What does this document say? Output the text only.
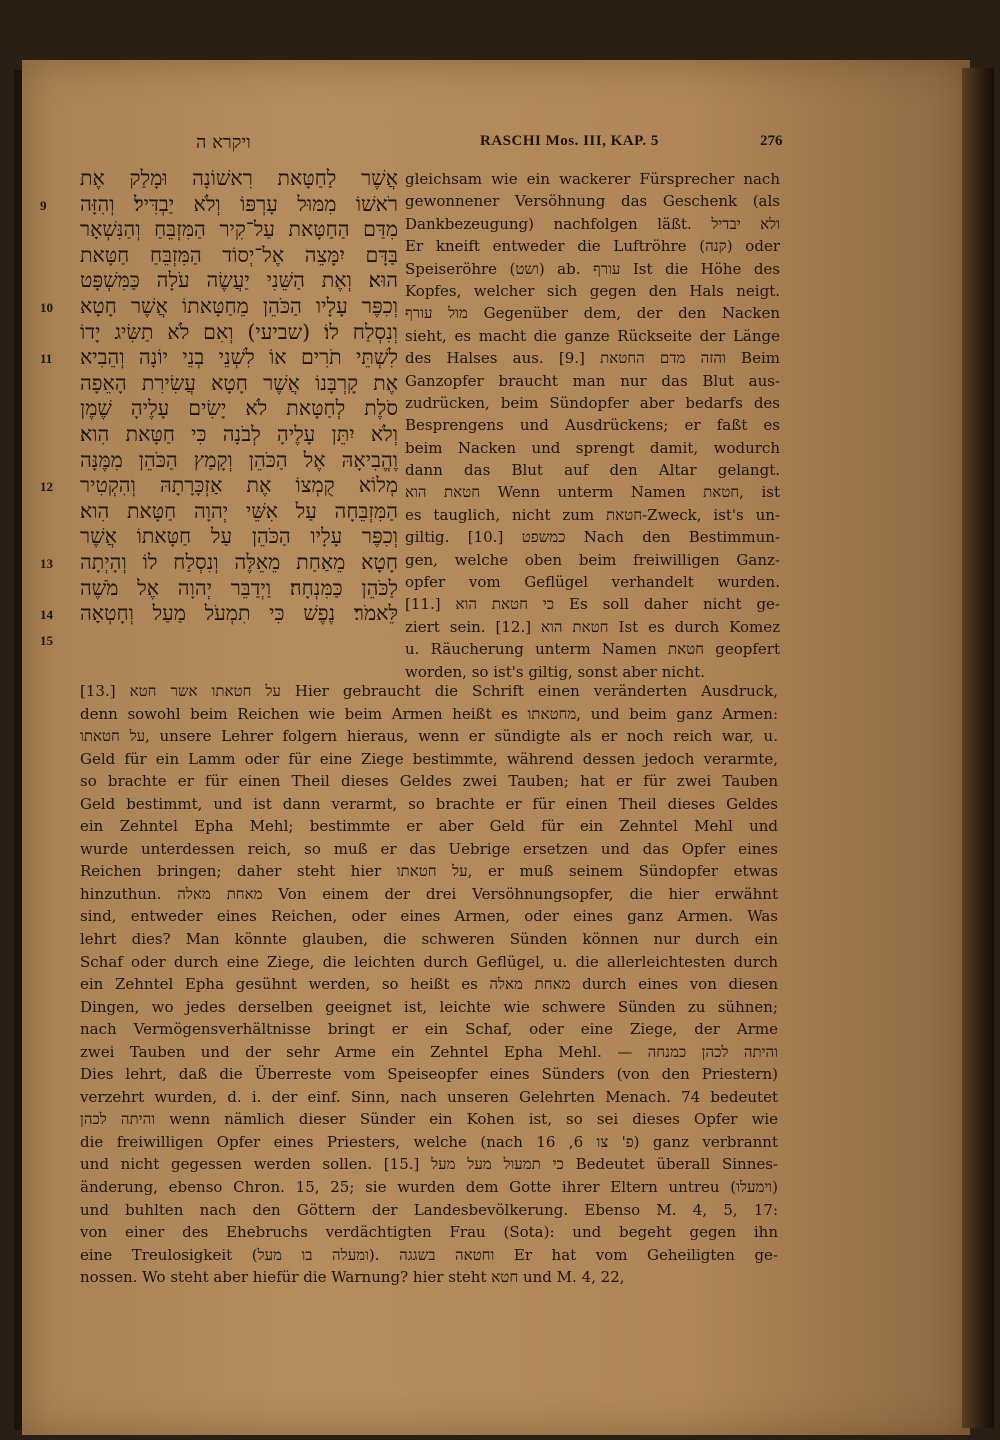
ויקרא ה	RASCHI Mos. III, KAP. 5	276
9
10
11
12
13
14
15
אֲשֶׁר לַחַטָּאת רִאשׁוֹנָה וּמָלַק אֶת
רֹאשׁוֹ מִמּוּל עָרְפּוֹ וְלֹא יַבְדִּיל׃ וְהִזָּה
מִדַּם הַחַטָּאת עַל־קִיר הַמִּזְבֵּחַ וְהַנִּשְׁאָר
בַּדָּם יִמָּצֵה אֶל־יְסוֹד הַמִּזְבֵּחַ חַטָּאת
הוּא׃ וְאֶת הַשֵּׁנִי יַעֲשֶׂה עֹלָה כַּמִּשְׁפָּט
וְכִפֶּר עָלָיו הַכֹּהֵן מֵחַטָּאתוֹ אֲשֶׁר חָטָא
וְנִסְלַח לוֹ׃ (שביעי) וְאִם לֹא תַשִּׂיג יָדוֹ
לִשְׁתֵּי תֹרִים אוֹ לִשְׁנֵי בְנֵי יוֹנָה וְהֵבִיא
אֶת קָרְבָּנוֹ אֲשֶׁר חָטָא עֲשִׂירִת הָאֵפָה
סֹלֶת לְחַטָּאת לֹא יָשִׂים עָלֶיהָ שֶׁמֶן
וְלֹא יִתֵּן עָלֶיהָ לְבֹנָה כִּי חַטָּאת הִוא׃
וֶהֱבִיאָהּ אֶל הַכֹּהֵן וְקָמַץ הַכֹּהֵן מִמֶּנָּה
מְלוֹא קֻמְצוֹ אֶת אַזְכָּרָתָהּ וְהִקְטִיר
הַמִּזְבֵּחָה עַל אִשֵּׁי יְהוָה חַטָּאת הִוא׃
וְכִפֶּר עָלָיו הַכֹּהֵן עַל חַטָּאתוֹ אֲשֶׁר
חָטָא מֵאַחַת מֵאֵלֶּה וְנִסְלַח לוֹ וְהָיְתָה
לַכֹּהֵן כַּמִּנְחָה׃ וַיְדַבֵּר יְהוָה אֶל מֹשֶׁה
לֵּאמֹר׃ נֶפֶשׁ כִּי תִמְעֹל מַעַל וְחָטְאָה
gleichsam wie ein wackerer Fürsprecher nach
gewonnener Versöhnung das Geschenk (als
Dankbezeugung) nachfolgen läßt. ולא יבדיל
Er kneift entweder die Luftröhre (קנה) oder
Speiseröhre (ושט) ab. עורף Ist die Höhe des
Kopfes, welcher sich gegen den Hals neigt.
מול עורף Gegenüber dem, der den Nacken
sieht, es macht die ganze Rückseite der Länge
des Halses aus. [9.] והזה מדם החטאת Beim
Ganzopfer braucht man nur das Blut aus-
zudrücken, beim Sündopfer aber bedarfs des
Besprengens und Ausdrückens; er faßt es
beim Nacken und sprengt damit, wodurch
dann das Blut auf den Altar gelangt.
חטאת הוא Wenn unterm Namen חטאת, ist
es tauglich, nicht zum חטאת-Zweck, ist's un-
giltig. [10.] כמשפט Nach den Bestimmun-
gen, welche oben beim freiwilligen Ganz-
opfer vom Geflügel verhandelt wurden.
[11.] כי חטאת הוא Es soll daher nicht ge-
ziert sein. [12.] חטאת הוא Ist es durch Komez
u. Räucherung unterm Namen חטאת geopfert
worden, so ist's giltig, sonst aber nicht.
[13.] על חטאתו אשר חטא Hier gebraucht die Schrift einen veränderten Ausdruck,
denn sowohl beim Reichen wie beim Armen heißt es מחטאתו, und beim ganz Armen:
על חטאתו, unsere Lehrer folgern hieraus, wenn er sündigte als er noch reich war, u.
Geld für ein Lamm oder für eine Ziege bestimmte, während dessen jedoch verarmte,
so brachte er für einen Theil dieses Geldes zwei Tauben; hat er für zwei Tauben
Geld bestimmt, und ist dann verarmt, so brachte er für einen Theil dieses Geldes
ein Zehntel Epha Mehl; bestimmte er aber Geld für ein Zehntel Mehl und
wurde unterdessen reich, so muß er das Uebrige ersetzen und das Opfer eines
Reichen bringen; daher steht hier על חטאתו, er muß seinem Sündopfer etwas
hinzuthun. מאחת מאלה Von einem der drei Versöhnungsopfer, die hier erwähnt
sind, entweder eines Reichen, oder eines Armen, oder eines ganz Armen. Was
lehrt dies? Man könnte glauben, die schweren Sünden können nur durch ein
Schaf oder durch eine Ziege, die leichten durch Geflügel, u. die allerleichtesten durch
ein Zehntel Epha gesühnt werden, so heißt es מאחת מאלה durch eines von diesen
Dingen, wo jedes derselben geeignet ist, leichte wie schwere Sünden zu sühnen;
nach Vermögensverhältnisse bringt er ein Schaf, oder eine Ziege, der Arme
zwei Tauben und der sehr Arme ein Zehntel Epha Mehl. — והיתה לכהן כמנחה
Dies lehrt, daß die Überreste vom Speiseopfer eines Sünders (von den Priestern)
verzehrt wurden, d. i. der einf. Sinn, nach unseren Gelehrten Menach. 74 bedeutet
והיתה לכהן wenn nämlich dieser Sünder ein Kohen ist, so sei dieses Opfer wie
die freiwilligen Opfer eines Priesters, welche (nach פ' צו 6, 16) ganz verbrannt
und nicht gegessen werden sollen. [15.] כי תמעול מעל מעל Bedeutet überall Sinnes-
änderung, ebenso Chron. 15, 25; sie wurden dem Gotte ihrer Eltern untreu (וימעלו)
und buhlten nach den Göttern der Landesbevölkerung. Ebenso M. 4, 5, 17:
von einer des Ehebruchs verdächtigten Frau (Sota): und begeht gegen ihn
eine Treulosigkeit (ומעלה בו מעל). וחטאה בשגגה Er hat vom Geheiligten ge-
nossen. Wo steht aber hiefür die Warnung? hier steht חטא und M. 4, 22,
